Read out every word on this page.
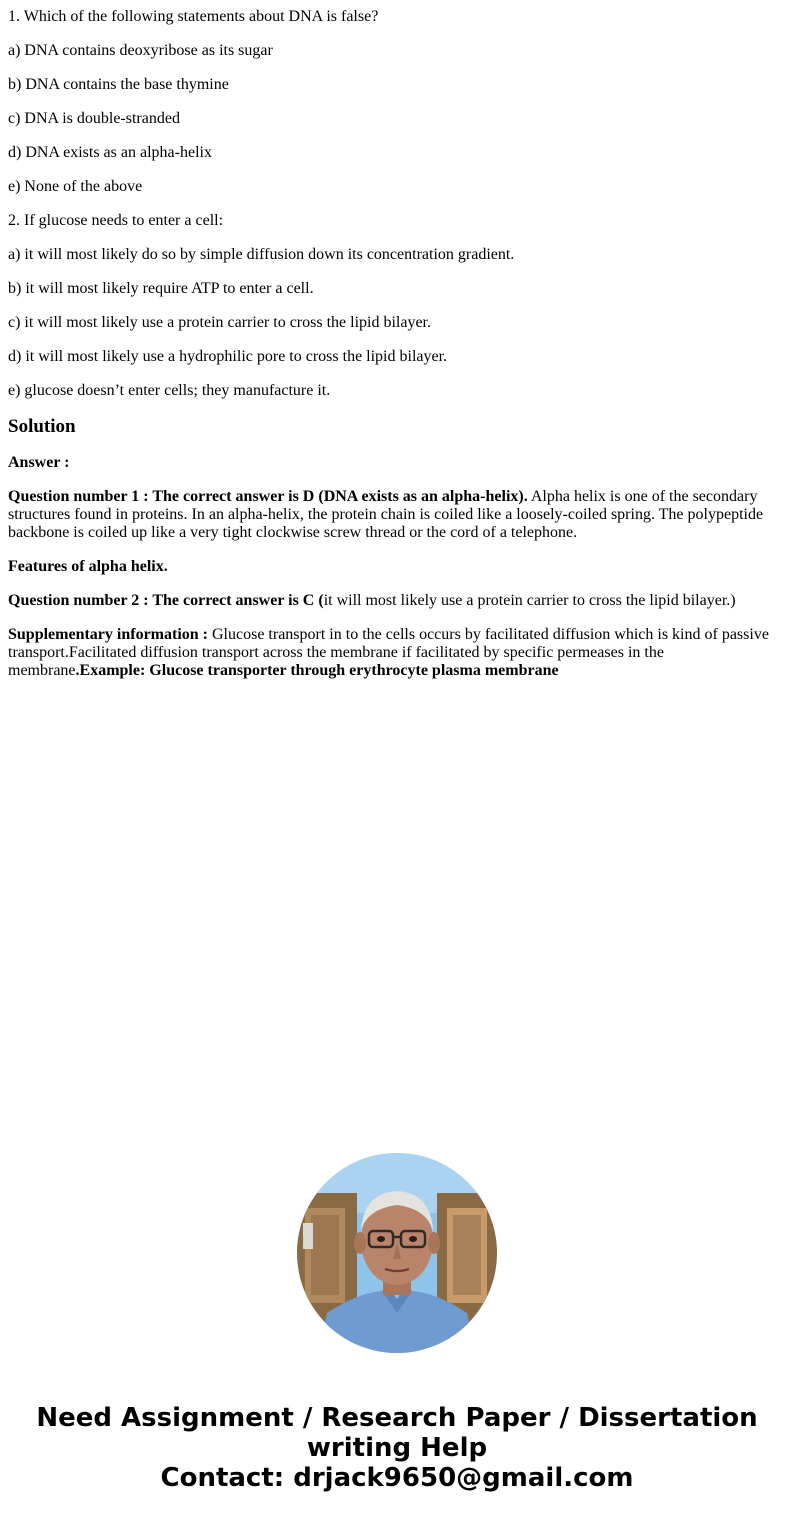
1. Which of the following statements about DNA is false?

a) DNA contains deoxyribose as its sugar

b) DNA contains the base thymine

c) DNA is double-stranded

d) DNA exists as an alpha-helix

e) None of the above

2. If glucose needs to enter a cell:

a) it will most likely do so by simple diffusion down its concentration gradient.

b) it will most likely require ATP to enter a cell.

c) it will most likely use a protein carrier to cross the lipid bilayer.

d) it will most likely use a hydrophilic pore to cross the lipid bilayer.

e) glucose doesn’t enter cells; they manufacture it.

Solution

Answer :

Question number 1 : The correct answer is D (DNA exists as an alpha-helix). Alpha helix is one of the secondary structures found in proteins. In an alpha-helix, the protein chain is coiled like a loosely-coiled spring. The polypeptide backbone is coiled up like a very tight clockwise screw thread or the cord of a telephone.

Features of alpha helix.

Question number 2 : The correct answer is C (it will most likely use a protein carrier to cross the lipid bilayer.)

Supplementary information : Glucose transport in to the cells occurs by facilitated diffusion which is kind of passive transport.Facilitated diffusion transport across the membrane if facilitated by specific permeases in the membrane.Example: Glucose transporter through erythrocyte plasma membrane

Need Assignment / Research Paper / Dissertation
writing Help
Contact: drjack9650@gmail.com
